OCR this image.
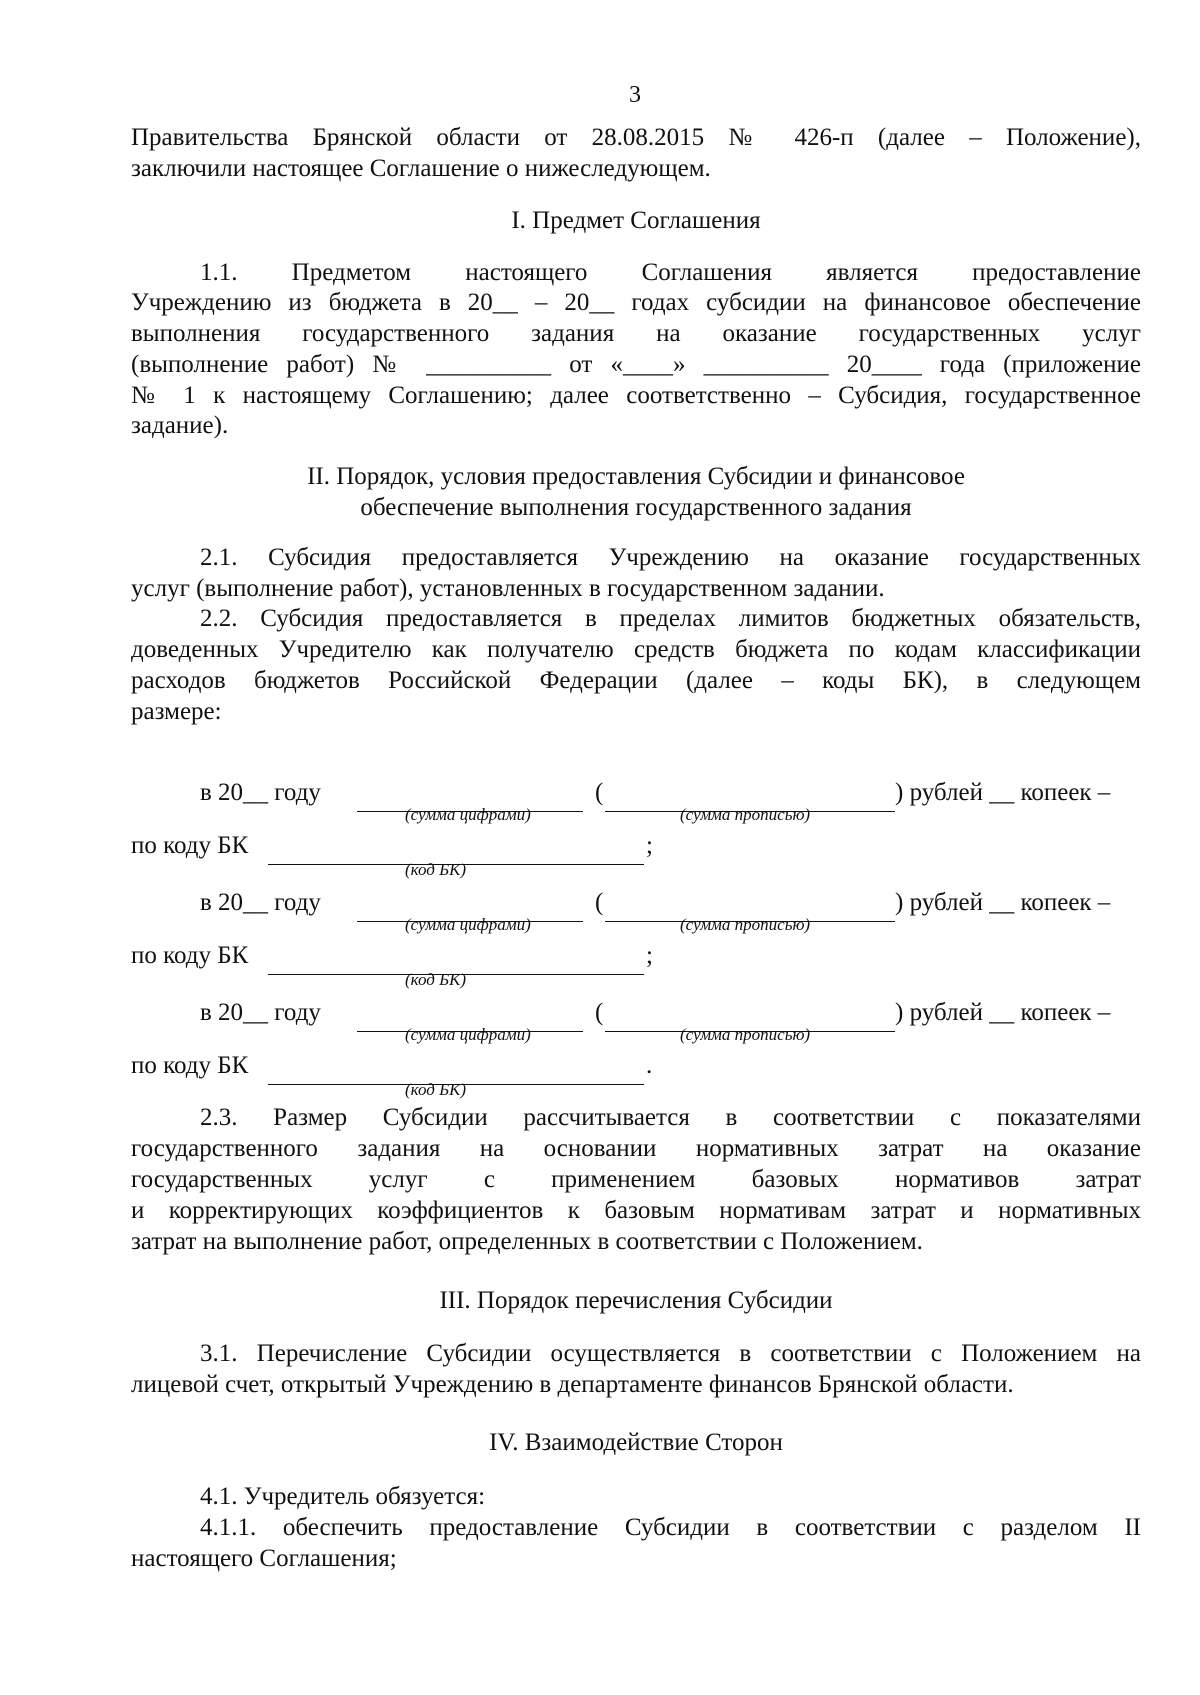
3
Правительства Брянской области от 28.08.2015 № 426-п (далее – Положение),
заключили настоящее Соглашение о нижеследующем.
I. Предмет Соглашения
1.1. Предметом настоящего Соглашения является предоставление
Учреждению из бюджета в 20__ – 20__ годах субсидии на финансовое обеспечение
выполнения государственного задания на оказание государственных услуг
(выполнение работ) № __________ от «____» __________ 20____ года (приложение
№ 1 к настоящему Соглашению; далее соответственно – Субсидия, государственное
задание).
II. Порядок, условия предоставления Субсидии и финансовое
обеспечение выполнения государственного задания
2.1. Субсидия предоставляется Учреждению на оказание государственных
услуг (выполнение работ), установленных в государственном задании.
2.2. Субсидия предоставляется в пределах лимитов бюджетных обязательств,
доведенных Учредителю как получателю средств бюджета по кодам классификации
расходов бюджетов Российской Федерации (далее – коды БК), в следующем
размере:
в 20__ году	(	) рублей __ копеек –
(сумма цифрами)	(сумма прописью)
по коду БК	;
(код БК)
в 20__ году	(	) рублей __ копеек –
(сумма цифрами)	(сумма прописью)
по коду БК	;
(код БК)
в 20__ году	(	) рублей __ копеек –
(сумма цифрами)	(сумма прописью)
по коду БК	.
(код БК)
2.3. Размер Субсидии рассчитывается в соответствии с показателями
государственного задания на основании нормативных затрат на оказание
государственных услуг с применением базовых нормативов затрат
и корректирующих коэффициентов к базовым нормативам затрат и нормативных
затрат на выполнение работ, определенных в соответствии с Положением.
III. Порядок перечисления Субсидии
3.1. Перечисление Субсидии осуществляется в соответствии с Положением на
лицевой счет, открытый Учреждению в департаменте финансов Брянской области.
IV. Взаимодействие Сторон
4.1. Учредитель обязуется:
4.1.1. обеспечить предоставление Субсидии в соответствии с разделом II
настоящего Соглашения;
